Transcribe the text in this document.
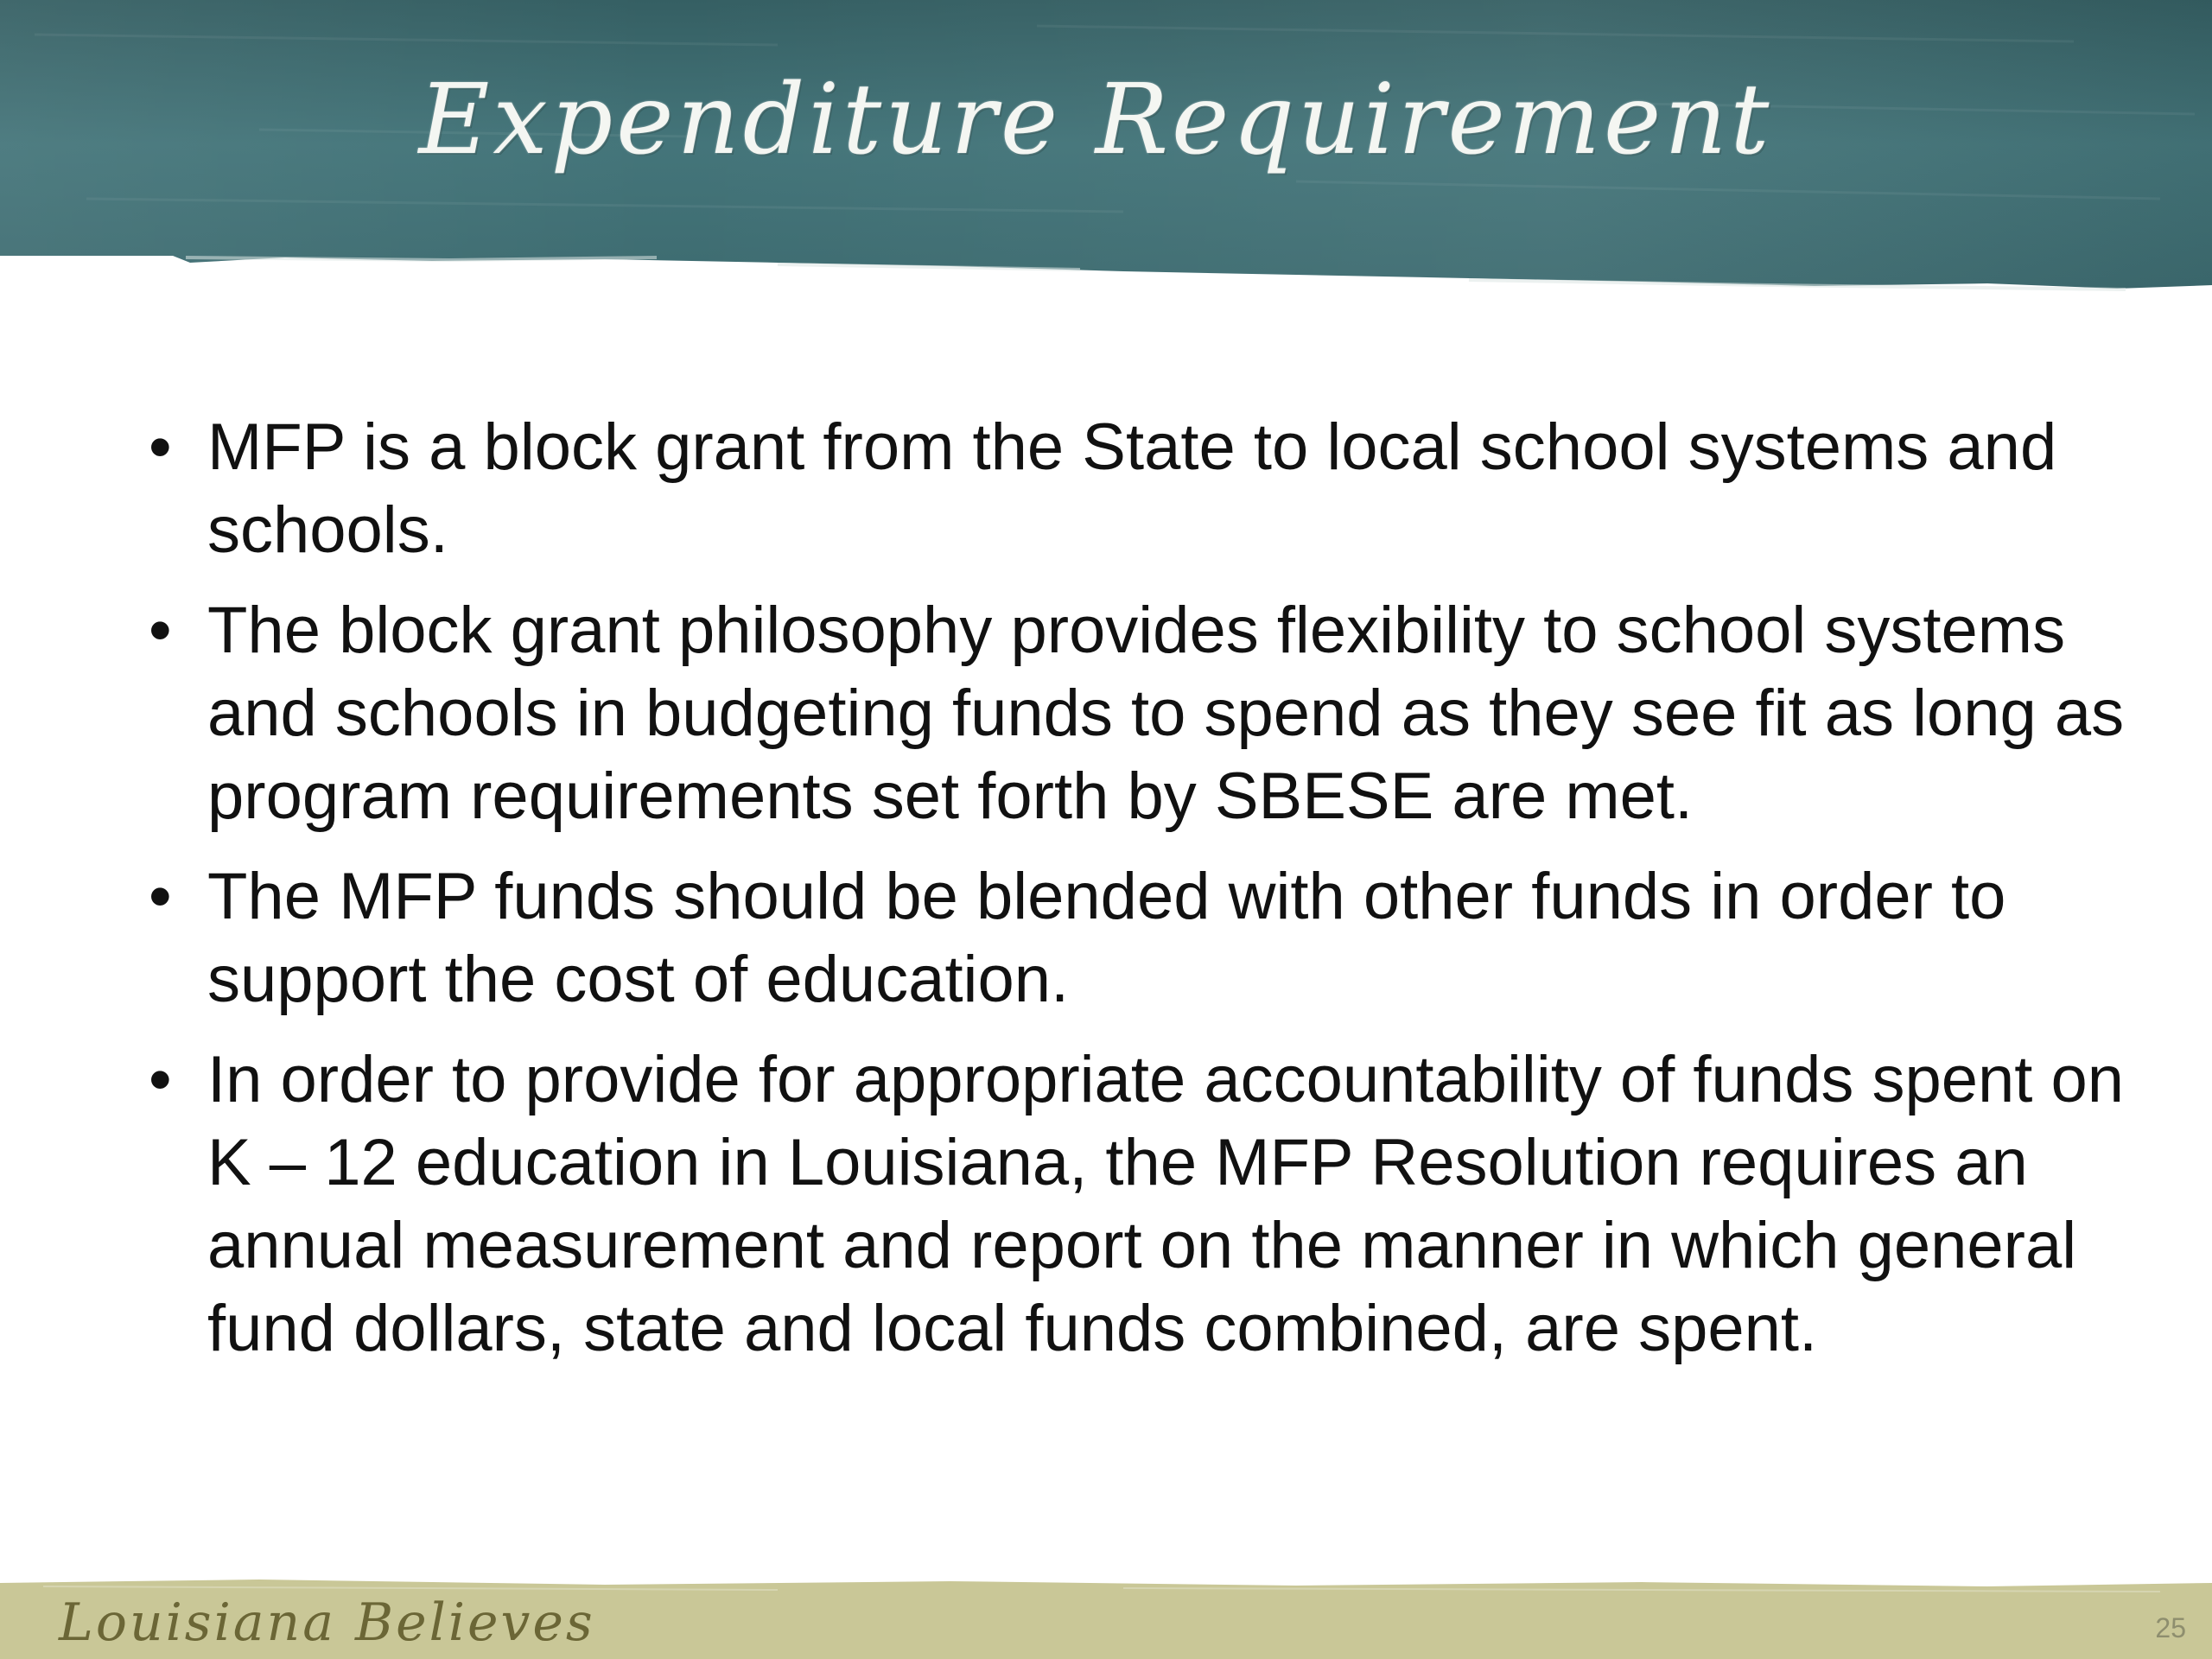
Expenditure Requirement
• MFP is a block grant from the State to local school systems and schools.
• The block grant philosophy provides flexibility to school systems and schools in budgeting funds to spend as they see fit as long as program requirements set forth by SBESE are met.
• The MFP funds should be blended with other funds in order to support the cost of education.
• In order to provide for appropriate accountability of funds spent on K – 12 education in Louisiana, the MFP Resolution requires an annual measurement and report on the manner in which general fund dollars, state and local funds combined, are spent.

Louisiana Believes	25
